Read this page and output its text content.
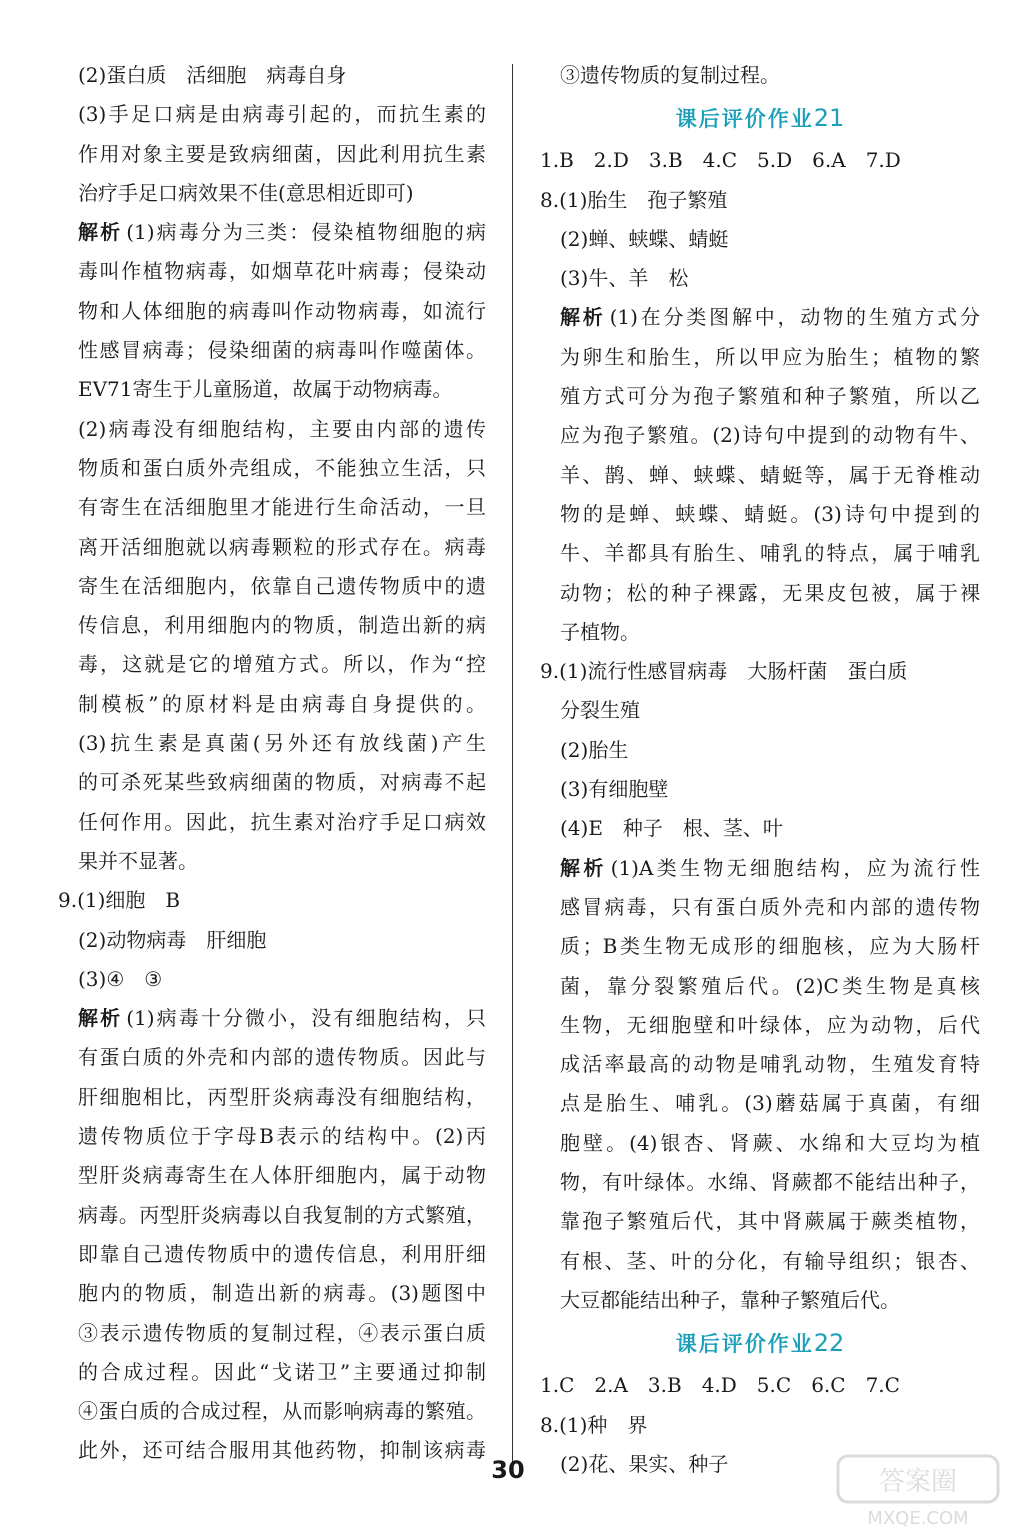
(2)蛋白质　活细胞　病毒自身
(3)手足口病是由病毒引起的，而抗生素的
作用对象主要是致病细菌，因此利用抗生素
治疗手足口病效果不佳(意思相近即可)
解析 (1)病毒分为三类：侵染植物细胞的病
毒叫作植物病毒，如烟草花叶病毒；侵染动
物和人体细胞的病毒叫作动物病毒，如流行
性感冒病毒；侵染细菌的病毒叫作噬菌体。
EV71寄生于儿童肠道，故属于动物病毒。
(2)病毒没有细胞结构，主要由内部的遗传
物质和蛋白质外壳组成，不能独立生活，只
有寄生在活细胞里才能进行生命活动，一旦
离开活细胞就以病毒颗粒的形式存在。病毒
寄生在活细胞内，依靠自己遗传物质中的遗
传信息，利用细胞内的物质，制造出新的病
毒，这就是它的增殖方式。所以，作为“控
制模板”的原材料是由病毒自身提供的。
(3)抗生素是真菌(另外还有放线菌)产生
的可杀死某些致病细菌的物质，对病毒不起
任何作用。因此，抗生素对治疗手足口病效
果并不显著。
9.(1)细胞　B
(2)动物病毒　肝细胞
(3)④　③
解析 (1)病毒十分微小，没有细胞结构，只
有蛋白质的外壳和内部的遗传物质。因此与
肝细胞相比，丙型肝炎病毒没有细胞结构，
遗传物质位于字母B表示的结构中。(2)丙
型肝炎病毒寄生在人体肝细胞内，属于动物
病毒。丙型肝炎病毒以自我复制的方式繁殖，
即靠自己遗传物质中的遗传信息，利用肝细
胞内的物质，制造出新的病毒。(3)题图中
③表示遗传物质的复制过程，④表示蛋白质
的合成过程。因此“戈诺卫”主要通过抑制
④蛋白质的合成过程，从而影响病毒的繁殖。
此外，还可结合服用其他药物，抑制该病毒
③遗传物质的复制过程。
课后评价作业21
1.B　2.D　3.B　4.C　5.D　6.A　7.D
8.(1)胎生　孢子繁殖
(2)蝉、蛱蝶、蜻蜓
(3)牛、羊　松
解析 (1)在分类图解中，动物的生殖方式分
为卵生和胎生，所以甲应为胎生；植物的繁
殖方式可分为孢子繁殖和种子繁殖，所以乙
应为孢子繁殖。(2)诗句中提到的动物有牛、
羊、鹊、蝉、蛱蝶、蜻蜓等，属于无脊椎动
物的是蝉、蛱蝶、蜻蜓。(3)诗句中提到的
牛、羊都具有胎生、哺乳的特点，属于哺乳
动物；松的种子裸露，无果皮包被，属于裸
子植物。
9.(1)流行性感冒病毒　大肠杆菌　蛋白质
分裂生殖
(2)胎生
(3)有细胞壁
(4)E　种子　根、茎、叶
解析 (1)A类生物无细胞结构，应为流行性
感冒病毒，只有蛋白质外壳和内部的遗传物
质；B类生物无成形的细胞核，应为大肠杆
菌，靠分裂繁殖后代。(2)C类生物是真核
生物，无细胞壁和叶绿体，应为动物，后代
成活率最高的动物是哺乳动物，生殖发育特
点是胎生、哺乳。(3)蘑菇属于真菌，有细
胞壁。(4)银杏、肾蕨、水绵和大豆均为植
物，有叶绿体。水绵、肾蕨都不能结出种子，
靠孢子繁殖后代，其中肾蕨属于蕨类植物，
有根、茎、叶的分化，有输导组织；银杏、
大豆都能结出种子，靠种子繁殖后代。
课后评价作业22
1.C　2.A　3.B　4.D　5.C　6.C　7.C
8.(1)种　界
(2)花、果实、种子
30	答案圈
MXQE.COM
